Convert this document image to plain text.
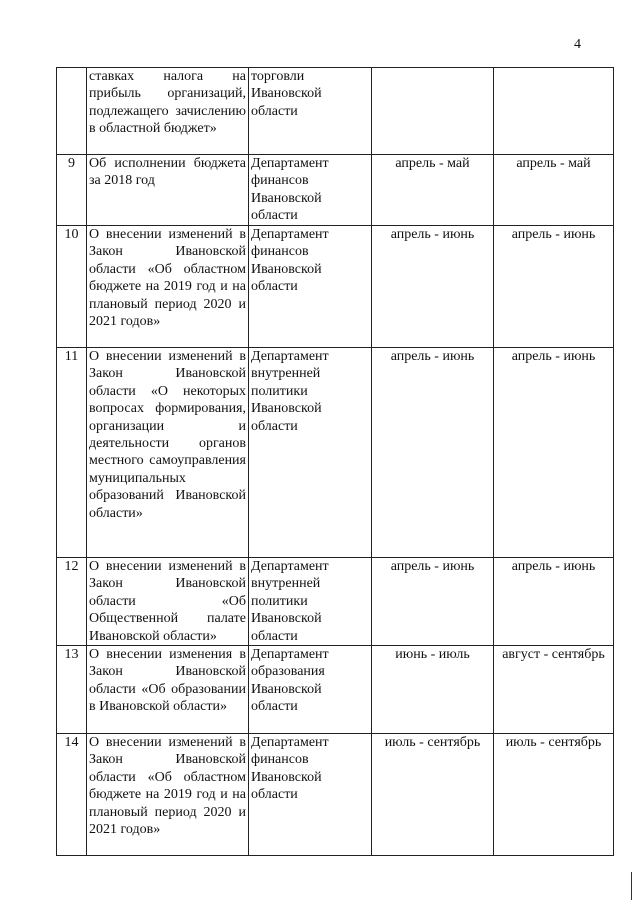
4
	ставках налога на прибыль организаций, подлежащего зачислению в областной бюджет»	торговли Ивановской области		
9	Об исполнении бюджета за 2018 год	Департамент финансов Ивановской области	апрель - май	апрель - май
10	О внесении изменений в Закон Ивановской области «Об областном бюджете на 2019 год и на плановый период 2020 и 2021 годов»	Департамент финансов Ивановской области	апрель - июнь	апрель - июнь
11	О внесении изменений в Закон Ивановской области «О некоторых вопросах формирования, организации и деятельности органов местного самоуправления муниципальных образований Ивановской области»	Департамент внутренней политики Ивановской области	апрель - июнь	апрель - июнь
12	О внесении изменений в Закон Ивановской области «Об Общественной палате Ивановской области»	Департамент внутренней политики Ивановской области	апрель - июнь	апрель - июнь
13	О внесении изменения в Закон Ивановской области «Об образовании в Ивановской области»	Департамент образования Ивановской области	июнь - июль	август - сентябрь
14	О внесении изменений в Закон Ивановской области «Об областном бюджете на 2019 год и на плановый период 2020 и 2021 годов»	Департамент финансов Ивановской области	июль - сентябрь	июль - сентябрь
